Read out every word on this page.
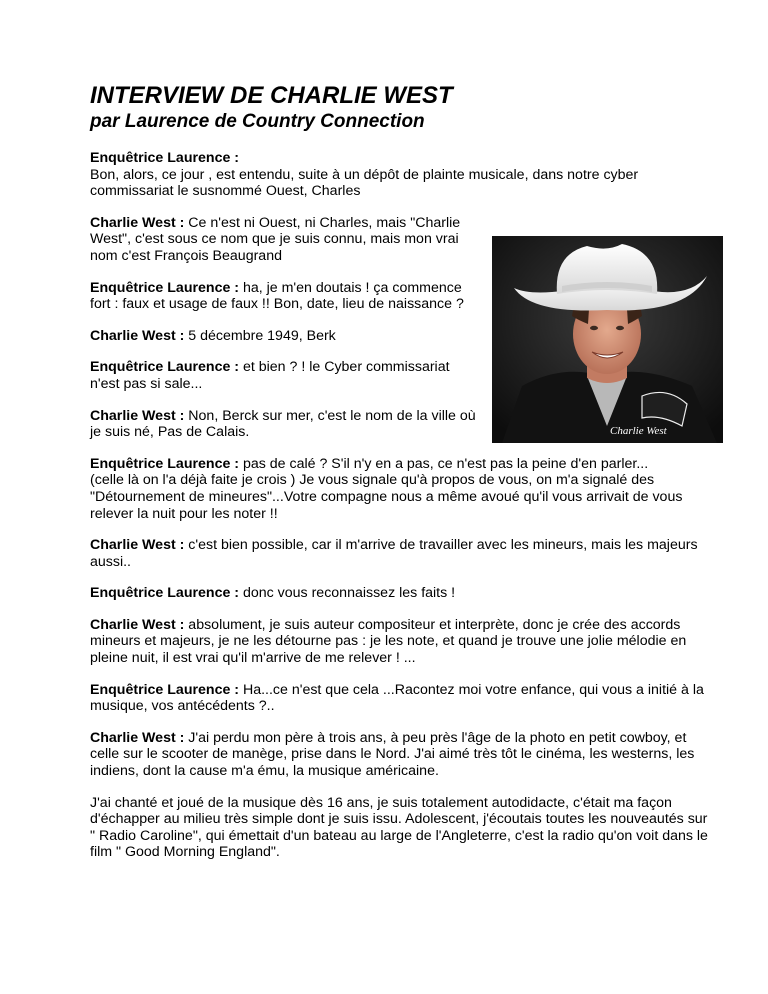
INTERVIEW DE CHARLIE WEST
par Laurence de Country Connection

Enquêtrice Laurence :
Bon, alors, ce jour , est entendu, suite à un dépôt de plainte musicale, dans notre cyber commissariat le susnommé Ouest, Charles

Charlie West : Ce n'est ni Ouest, ni Charles, mais "Charlie West", c'est sous ce nom que je suis connu, mais mon vrai nom c'est François Beaugrand

Enquêtrice Laurence : ha, je m'en doutais ! ça commence fort : faux et usage de faux !! Bon, date, lieu de naissance ?

Charlie West : 5 décembre 1949, Berk

Enquêtrice Laurence : et bien ? ! le Cyber commissariat n'est pas si sale...

Charlie West : Non, Berck sur mer, c'est le nom de la ville où je suis né, Pas de Calais.

Enquêtrice Laurence : pas de calé ? S'il n'y en a pas, ce n'est pas la peine d'en parler...
(celle là on l'a déjà faite je crois ) Je vous signale qu'à propos de vous, on m'a signalé des "Détournement de mineures"...Votre compagne nous a même avoué qu'il vous arrivait de vous relever la nuit pour les noter !!

Charlie West : c'est bien possible, car il m'arrive de travailler avec les mineurs, mais les majeurs aussi..

Enquêtrice Laurence : donc vous reconnaissez les faits !

Charlie West : absolument, je suis auteur compositeur et interprète, donc je crée des accords mineurs et majeurs, je ne les détourne pas : je les note, et quand je trouve une jolie mélodie en pleine nuit, il est vrai qu'il m'arrive de me relever ! ...

Enquêtrice Laurence : Ha...ce n'est que cela ...Racontez moi votre enfance, qui vous a initié à la musique, vos antécédents ?..

Charlie West : J'ai perdu mon père à trois ans, à peu près l'âge de la photo en petit cowboy, et celle sur le scooter de manège, prise dans le Nord. J'ai aimé très tôt le cinéma, les westerns, les indiens, dont la cause m'a ému, la musique américaine.

J'ai chanté et joué de la musique dès 16 ans, je suis totalement autodidacte, c'était ma façon d'échapper au milieu très simple dont je suis issu. Adolescent, j'écoutais toutes les nouveautés sur " Radio Caroline", qui émettait d'un bateau au large de l'Angleterre, c'est la radio qu'on voit dans le film " Good Morning England".

Charlie West
